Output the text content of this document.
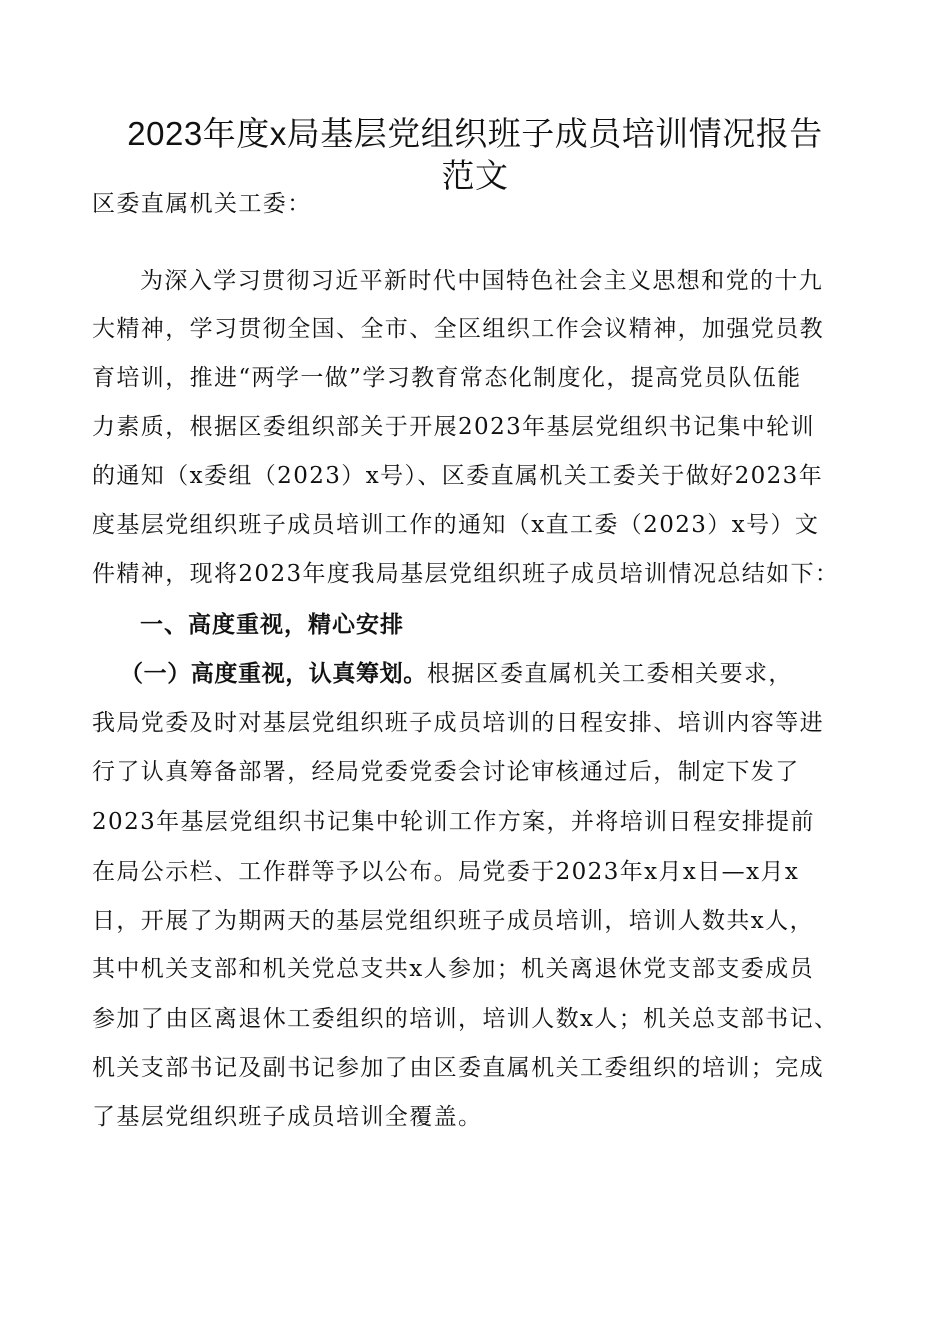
2023年度x局基层党组织班子成员培训情况报告
范文
区委直属机关工委：
为深入学习贯彻习近平新时代中国特色社会主义思想和党的十九
大精神，学习贯彻全国、全市、全区组织工作会议精神，加强党员教
育培训，推进“两学一做”学习教育常态化制度化，提高党员队伍能
力素质，根据区委组织部关于开展2023年基层党组织书记集中轮训
的通知（x委组（2023）x号）、区委直属机关工委关于做好2023年
度基层党组织班子成员培训工作的通知（x直工委（2023）x号）文
件精神，现将2023年度我局基层党组织班子成员培训情况总结如下：
一、高度重视，精心安排
（一）高度重视，认真筹划。根据区委直属机关工委相关要求，
我局党委及时对基层党组织班子成员培训的日程安排、培训内容等进
行了认真筹备部署，经局党委党委会讨论审核通过后，制定下发了
2023年基层党组织书记集中轮训工作方案，并将培训日程安排提前
在局公示栏、工作群等予以公布。局党委于2023年x月x日—x月x
日，开展了为期两天的基层党组织班子成员培训，培训人数共x人，
其中机关支部和机关党总支共x人参加；机关离退休党支部支委成员
参加了由区离退休工委组织的培训，培训人数x人；机关总支部书记、
机关支部书记及副书记参加了由区委直属机关工委组织的培训；完成
了基层党组织班子成员培训全覆盖。
